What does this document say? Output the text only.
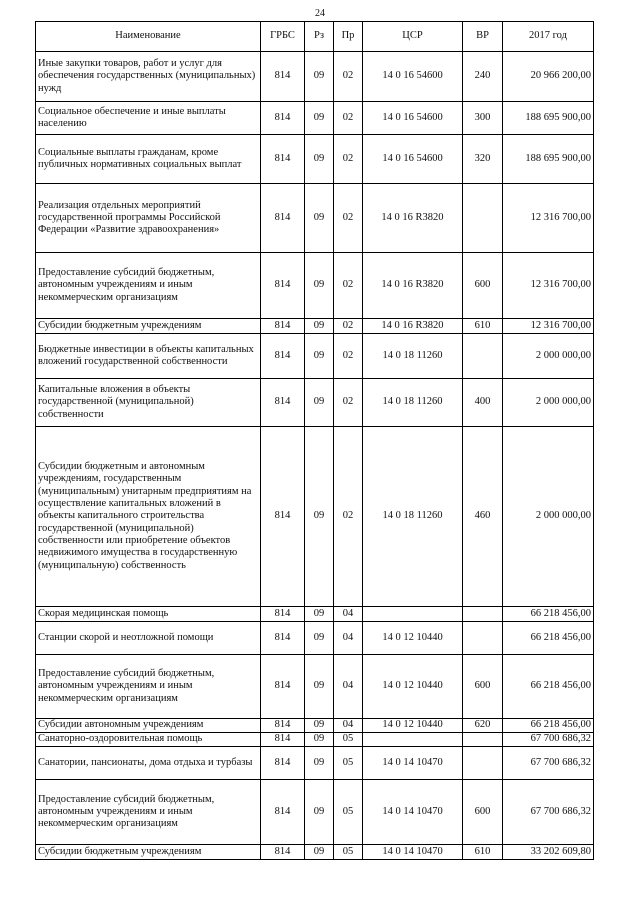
24
Наименование	ГРБС	Рз	Пр	ЦСР	ВР	2017 год
Иные закупки товаров, работ и услуг для обеспечения государственных (муниципальных) нужд	814	09	02	14 0 16 54600	240	20 966 200,00
Социальное обеспечение и иные выплаты населению	814	09	02	14 0 16 54600	300	188 695 900,00
Социальные выплаты гражданам, кроме публичных нормативных социальных выплат	814	09	02	14 0 16 54600	320	188 695 900,00
Реализация отдельных мероприятий государственной программы Российской Федерации «Развитие здравоохранения»	814	09	02	14 0 16 R3820		12 316 700,00
Предоставление субсидий бюджетным, автономным учреждениям и иным некоммерческим организациям	814	09	02	14 0 16 R3820	600	12 316 700,00
Субсидии бюджетным учреждениям	814	09	02	14 0 16 R3820	610	12 316 700,00
Бюджетные инвестиции в объекты капитальных вложений государственной собственности	814	09	02	14 0 18 11260		2 000 000,00
Капитальные вложения в объекты государственной (муниципальной) собственности	814	09	02	14 0 18 11260	400	2 000 000,00
Субсидии бюджетным и автономным учреждениям, государственным (муниципальным) унитарным предприятиям на осуществление капитальных вложений в объекты капитального строительства государственной (муниципальной) собственности или приобретение объектов недвижимого имущества в государственную (муниципальную) собственность	814	09	02	14 0 18 11260	460	2 000 000,00
Скорая медицинская помощь	814	09	04			66 218 456,00
Станции скорой и неотложной помощи	814	09	04	14 0 12 10440		66 218 456,00
Предоставление субсидий бюджетным, автономным учреждениям и иным некоммерческим организациям	814	09	04	14 0 12 10440	600	66 218 456,00
Субсидии автономным учреждениям	814	09	04	14 0 12 10440	620	66 218 456,00
Санаторно-оздоровительная помощь	814	09	05			67 700 686,32
Санатории, пансионаты, дома отдыха и турбазы	814	09	05	14 0 14 10470		67 700 686,32
Предоставление субсидий бюджетным, автономным учреждениям и иным некоммерческим организациям	814	09	05	14 0 14 10470	600	67 700 686,32
Субсидии бюджетным учреждениям	814	09	05	14 0 14 10470	610	33 202 609,80
